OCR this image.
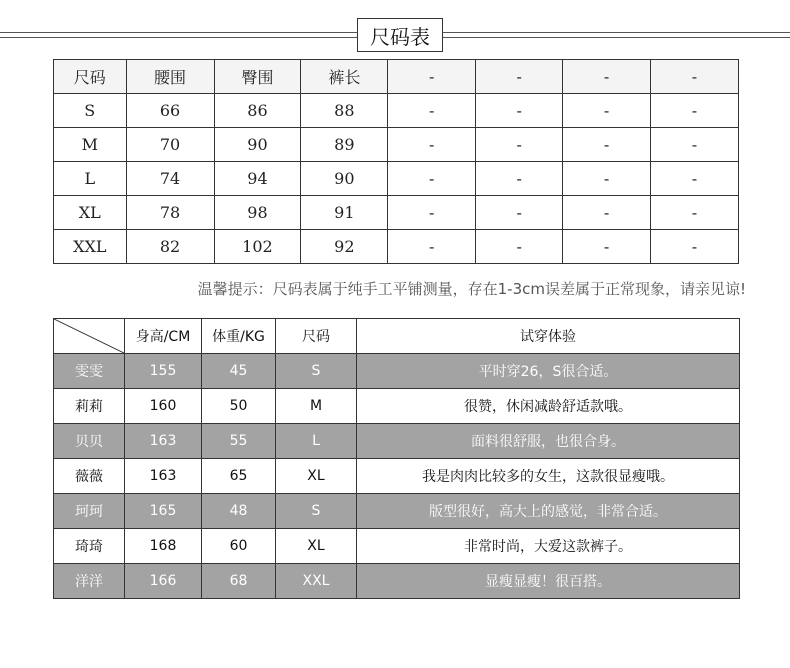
尺码表
尺码	腰围	臀围	裤长	-	-	-	-
S	66	86	88	-	-	-	-
M	70	90	89	-	-	-	-
L	74	94	90	-	-	-	-
XL	78	98	91	-	-	-	-
XXL	82	102	92	-	-	-	-
温馨提示：尺码表属于纯手工平铺测量，存在1-3cm误差属于正常现象，请亲见谅!
	身高/CM	体重/KG	尺码	试穿体验
雯雯	155	45	S	平时穿26，S很合适。
莉莉	160	50	M	很赞，休闲减龄舒适款哦。
贝贝	163	55	L	面料很舒服，也很合身。
薇薇	163	65	XL	我是肉肉比较多的女生，这款很显瘦哦。
珂珂	165	48	S	版型很好，高大上的感觉，非常合适。
琦琦	168	60	XL	非常时尚，大爱这款裤子。
洋洋	166	68	XXL	显瘦显瘦！很百搭。
